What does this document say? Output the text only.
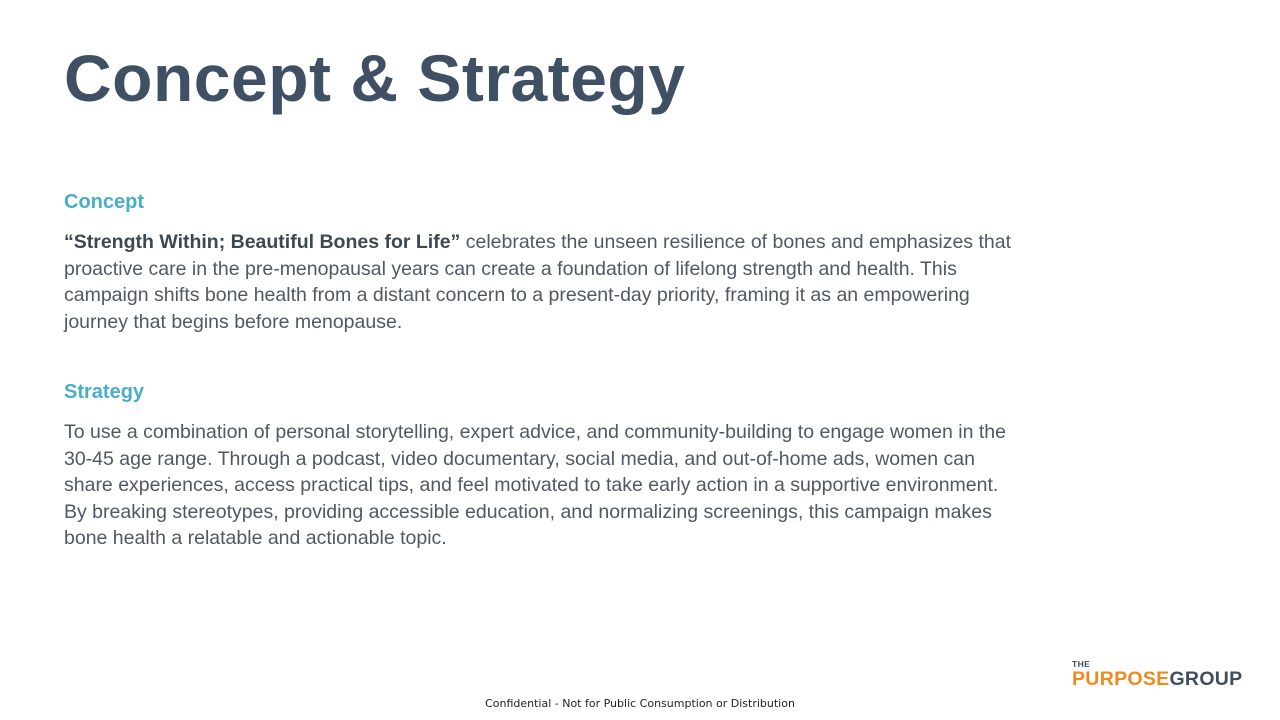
Concept & Strategy
Concept

“Strength Within; Beautiful Bones for Life” celebrates the unseen resilience of bones and emphasizes that proactive care in the pre-menopausal years can create a foundation of lifelong strength and health. This campaign shifts bone health from a distant concern to a present-day priority, framing it as an empowering journey that begins before menopause.

Strategy

To use a combination of personal storytelling, expert advice, and community-building to engage women in the 30-45 age range. Through a podcast, video documentary, social media, and out-of-home ads, women can share experiences, access practical tips, and feel motivated to take early action in a supportive environment. By breaking stereotypes, providing accessible education, and normalizing screenings, this campaign makes bone health a relatable and actionable topic.

Confidential - Not for Public Consumption or Distribution
THE
PURPOSEGROUP
